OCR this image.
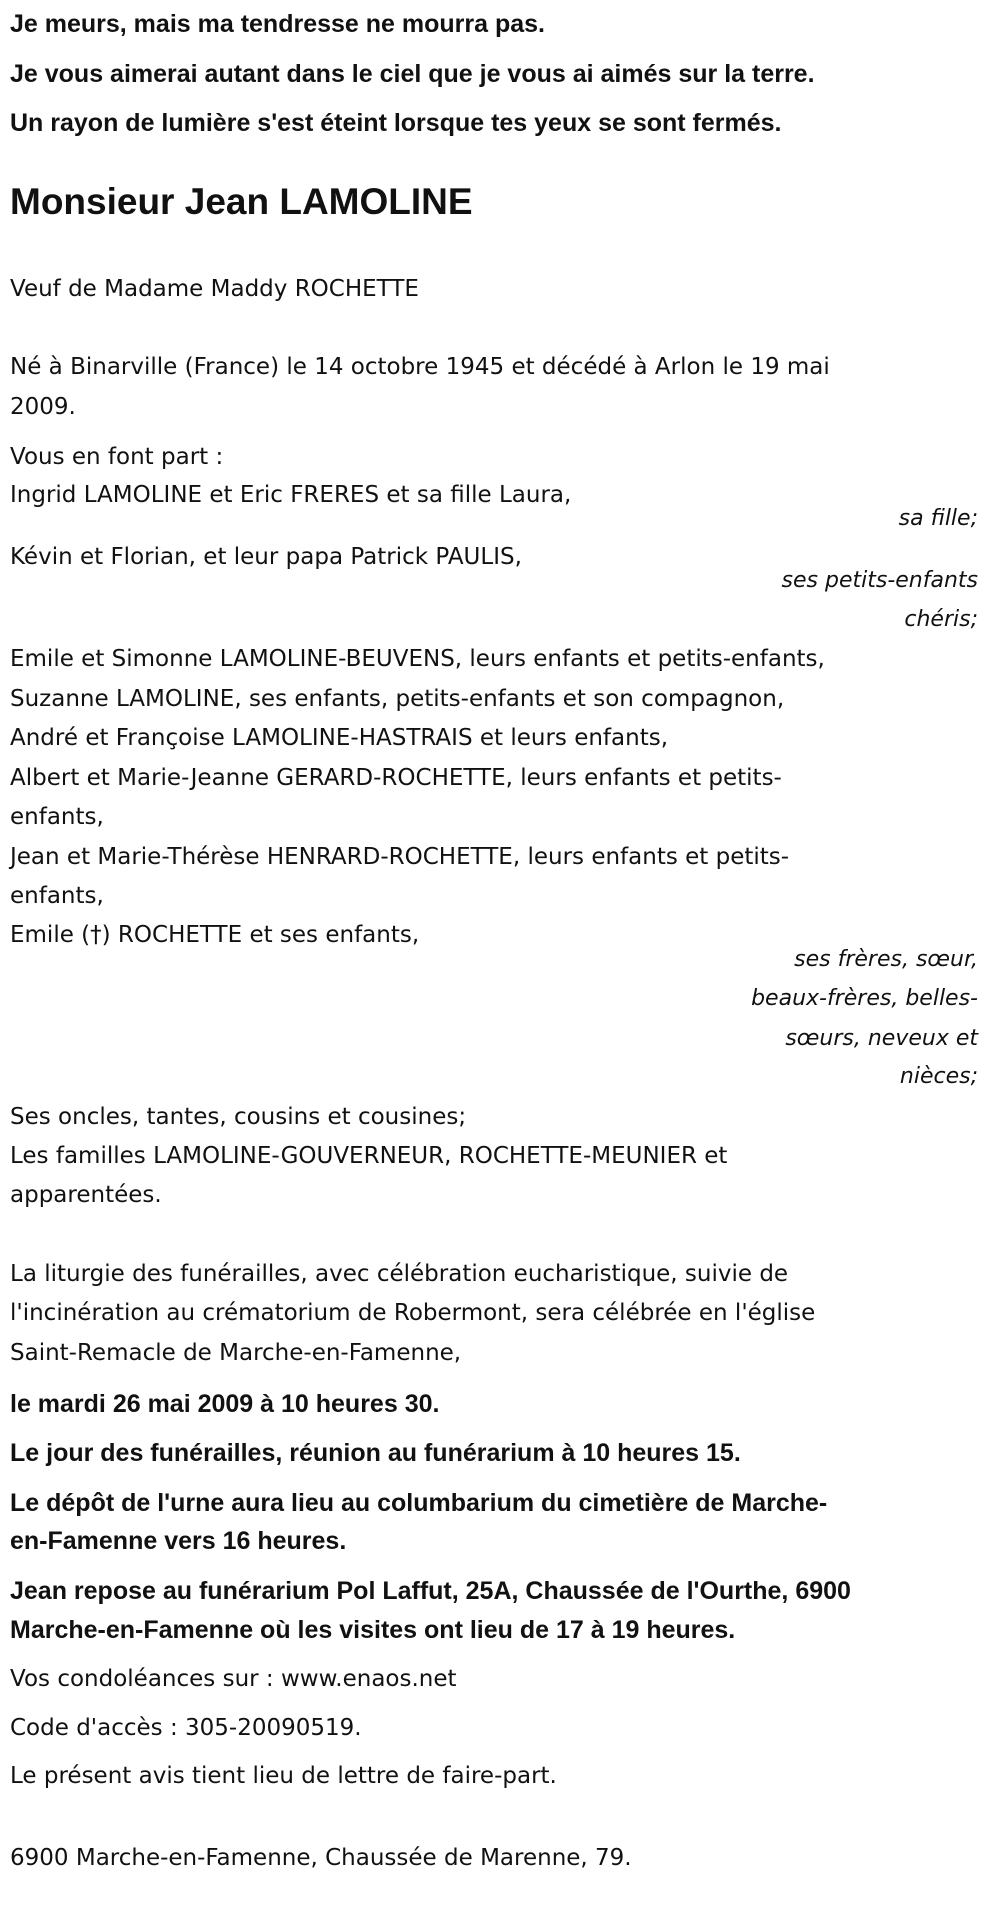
Je meurs, mais ma tendresse ne mourra pas.
Je vous aimerai autant dans le ciel que je vous ai aimés sur la terre.
Un rayon de lumière s'est éteint lorsque tes yeux se sont fermés.
Monsieur Jean LAMOLINE
Veuf de Madame Maddy ROCHETTE
Né à Binarville (France) le 14 octobre 1945 et décédé à Arlon le 19 mai
2009.
Vous en font part :
Ingrid LAMOLINE et Eric FRERES et sa fille Laura,
sa fille;
Kévin et Florian, et leur papa Patrick PAULIS,
ses petits-enfants
chéris;
Emile et Simonne LAMOLINE-BEUVENS, leurs enfants et petits-enfants,
Suzanne LAMOLINE, ses enfants, petits-enfants et son compagnon,
André et Françoise LAMOLINE-HASTRAIS et leurs enfants,
Albert et Marie-Jeanne GERARD-ROCHETTE, leurs enfants et petits-
enfants,
Jean et Marie-Thérèse HENRARD-ROCHETTE, leurs enfants et petits-
enfants,
Emile (†) ROCHETTE et ses enfants,
ses frères, sœur,
beaux-frères, belles-
sœurs, neveux et
nièces;
Ses oncles, tantes, cousins et cousines;
Les familles LAMOLINE-GOUVERNEUR, ROCHETTE-MEUNIER et
apparentées.
La liturgie des funérailles, avec célébration eucharistique, suivie de
l'incinération au crématorium de Robermont, sera célébrée en l'église
Saint-Remacle de Marche-en-Famenne,
le mardi 26 mai 2009 à 10 heures 30.
Le jour des funérailles, réunion au funérarium à 10 heures 15.
Le dépôt de l'urne aura lieu au columbarium du cimetière de Marche-
en-Famenne vers 16 heures.
Jean repose au funérarium Pol Laffut, 25A, Chaussée de l'Ourthe, 6900
Marche-en-Famenne où les visites ont lieu de 17 à 19 heures.
Vos condoléances sur : www.enaos.net
Code d'accès : 305-20090519.
Le présent avis tient lieu de lettre de faire-part.
6900 Marche-en-Famenne, Chaussée de Marenne, 79.
